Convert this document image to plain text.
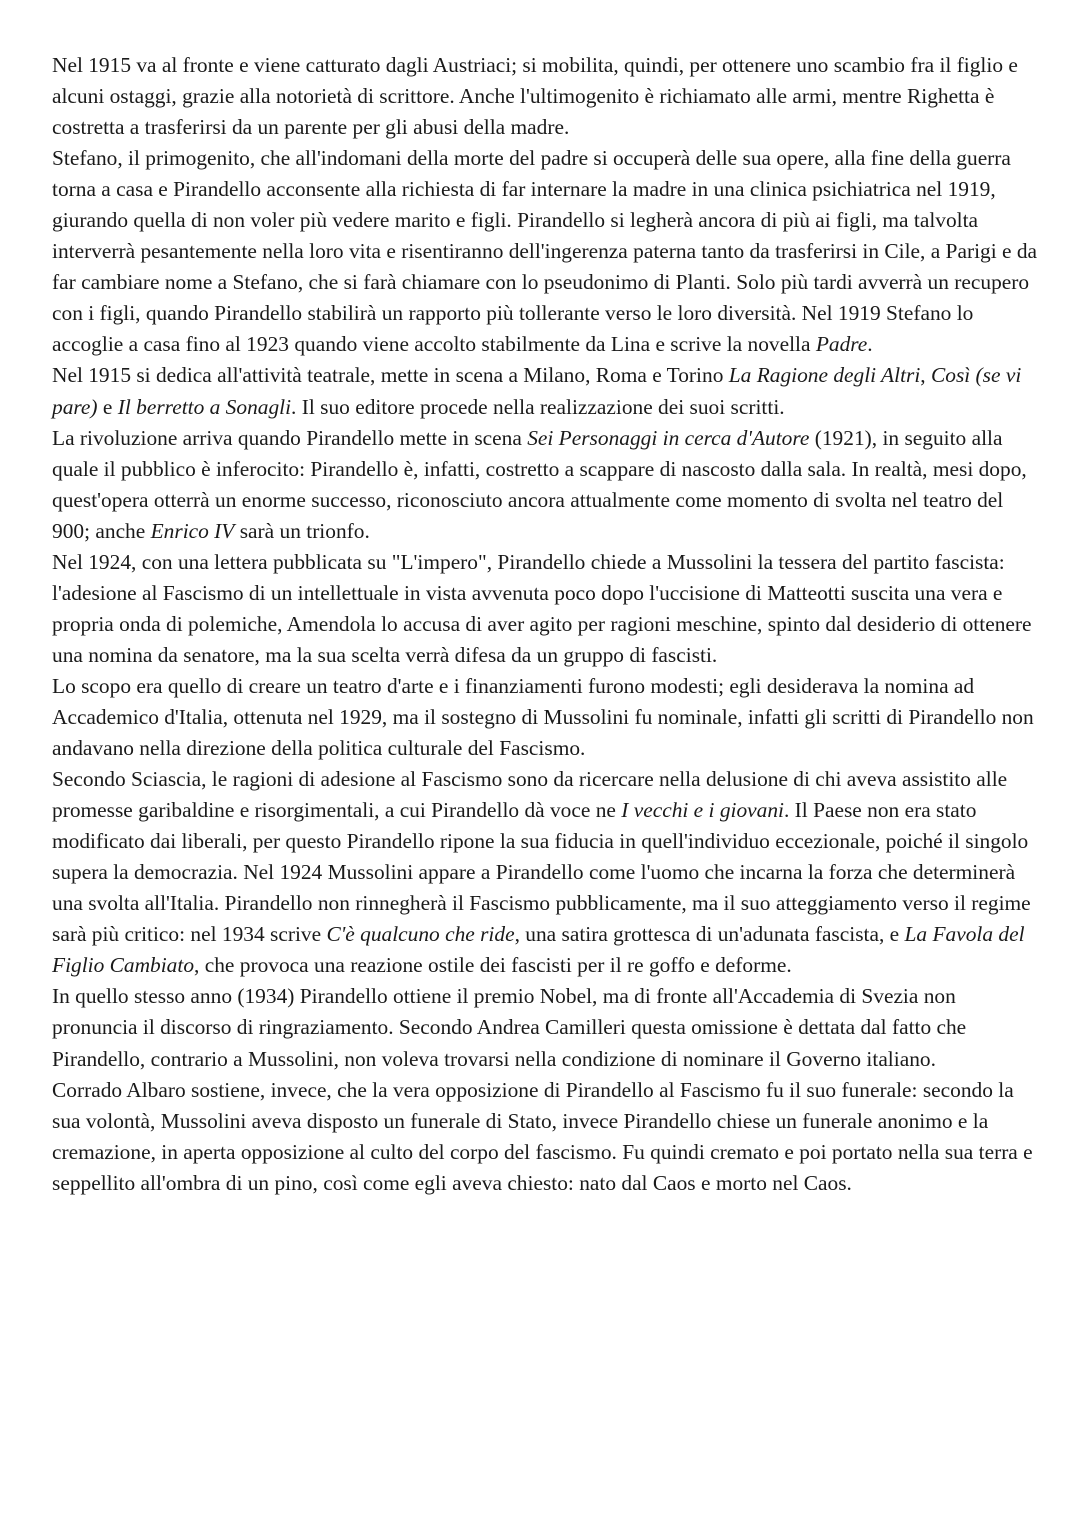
Nel 1915 va al fronte e viene catturato dagli Austriaci; si mobilita, quindi, per ottenere uno scambio fra il figlio e alcuni ostaggi, grazie alla notorietà di scrittore. Anche l'ultimogenito è richiamato alle armi, mentre Righetta è costretta a trasferirsi da un parente per gli abusi della madre.

Stefano, il primogenito, che all'indomani della morte del padre si occuperà delle sua opere, alla fine della guerra torna a casa e Pirandello acconsente alla richiesta di far internare la madre in una clinica psichiatrica nel 1919, giurando quella di non voler più vedere marito e figli. Pirandello si legherà ancora di più ai figli, ma talvolta interverrà pesantemente nella loro vita e risentiranno dell'ingerenza paterna tanto da trasferirsi in Cile, a Parigi e da far cambiare nome a Stefano, che si farà chiamare con lo pseudonimo di Planti. Solo più tardi avverrà un recupero con i figli, quando Pirandello stabilirà un rapporto più tollerante verso le loro diversità. Nel 1919 Stefano lo accoglie a casa fino al 1923 quando viene accolto stabilmente da Lina e scrive la novella Padre.

Nel 1915 si dedica all'attività teatrale, mette in scena a Milano, Roma e Torino La Ragione degli Altri, Così (se vi pare) e Il berretto a Sonagli. Il suo editore procede nella realizzazione dei suoi scritti.

La rivoluzione arriva quando Pirandello mette in scena Sei Personaggi in cerca d'Autore (1921), in seguito alla quale il pubblico è inferocito: Pirandello è, infatti, costretto a scappare di nascosto dalla sala. In realtà, mesi dopo, quest'opera otterrà un enorme successo, riconosciuto ancora attualmente come momento di svolta nel teatro del 900; anche Enrico IV sarà un trionfo.

Nel 1924, con una lettera pubblicata su "L'impero", Pirandello chiede a Mussolini la tessera del partito fascista: l'adesione al Fascismo di un intellettuale in vista avvenuta poco dopo l'uccisione di Matteotti suscita una vera e propria onda di polemiche, Amendola lo accusa di aver agito per ragioni meschine, spinto dal desiderio di ottenere una nomina da senatore, ma la sua scelta verrà difesa da un gruppo di fascisti.

Lo scopo era quello di creare un teatro d'arte e i finanziamenti furono modesti; egli desiderava la nomina ad Accademico d'Italia, ottenuta nel 1929, ma il sostegno di Mussolini fu nominale, infatti gli scritti di Pirandello non andavano nella direzione della politica culturale del Fascismo.

Secondo Sciascia, le ragioni di adesione al Fascismo sono da ricercare nella delusione di chi aveva assistito alle promesse garibaldine e risorgimentali, a cui Pirandello dà voce ne I vecchi e i giovani. Il Paese non era stato modificato dai liberali, per questo Pirandello ripone la sua fiducia in quell'individuo eccezionale, poiché il singolo supera la democrazia. Nel 1924 Mussolini appare a Pirandello come l'uomo che incarna la forza che determinerà una svolta all'Italia. Pirandello non rinnegherà il Fascismo pubblicamente, ma il suo atteggiamento verso il regime sarà più critico: nel 1934 scrive C'è qualcuno che ride, una satira grottesca di un'adunata fascista, e La Favola del Figlio Cambiato, che provoca una reazione ostile dei fascisti per il re goffo e deforme.

In quello stesso anno (1934) Pirandello ottiene il premio Nobel, ma di fronte all'Accademia di Svezia non pronuncia il discorso di ringraziamento. Secondo Andrea Camilleri questa omissione è dettata dal fatto che Pirandello, contrario a Mussolini, non voleva trovarsi nella condizione di nominare il Governo italiano.

Corrado Albaro sostiene, invece, che la vera opposizione di Pirandello al Fascismo fu il suo funerale: secondo la sua volontà, Mussolini aveva disposto un funerale di Stato, invece Pirandello chiese un funerale anonimo e la cremazione, in aperta opposizione al culto del corpo del fascismo. Fu quindi cremato e poi portato nella sua terra e seppellito all'ombra di un pino, così come egli aveva chiesto: nato dal Caos e morto nel Caos.
